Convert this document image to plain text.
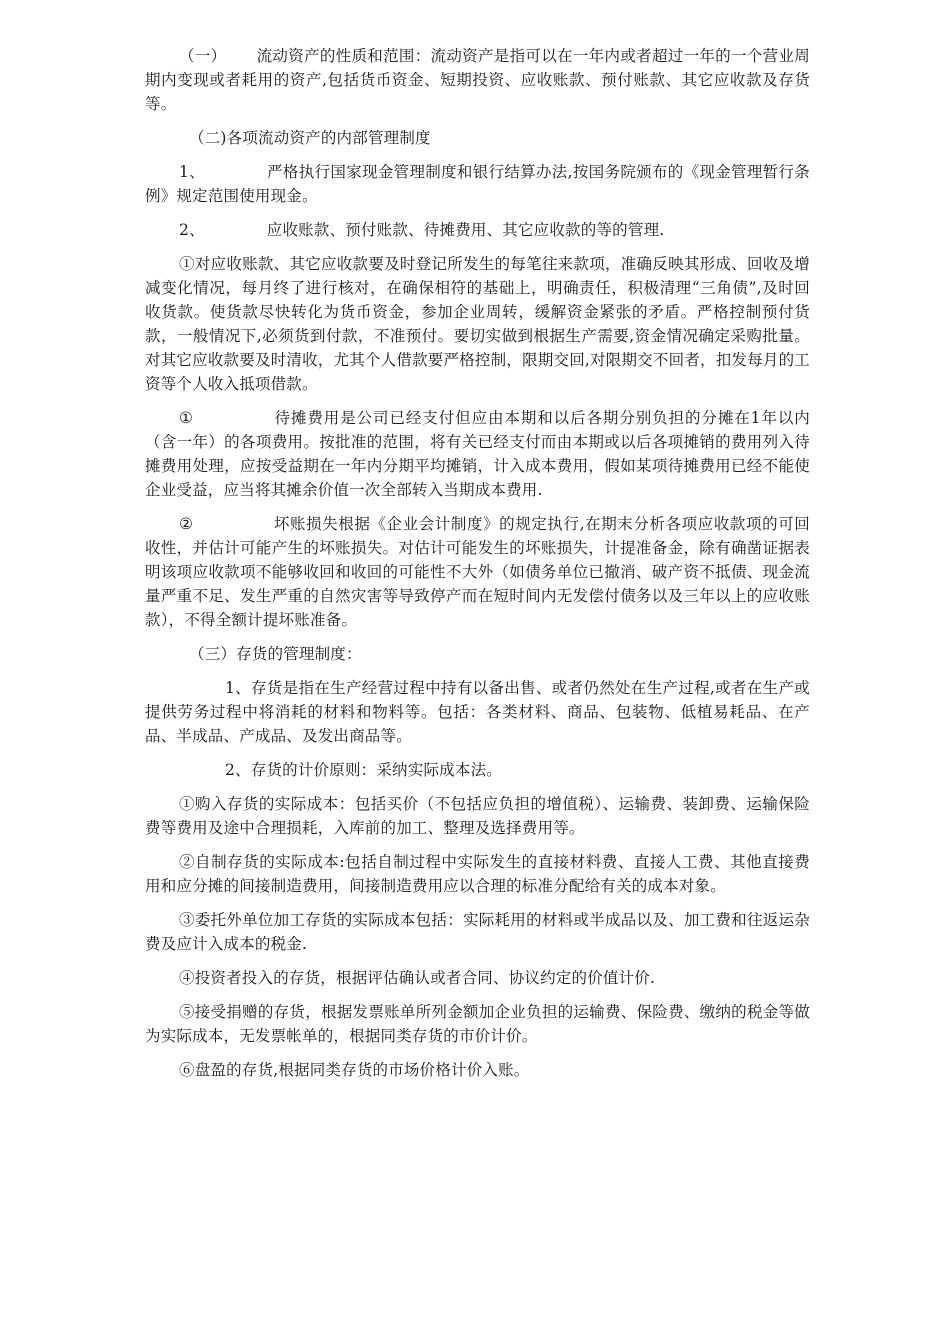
（一） 流动资产的性质和范围：流动资产是指可以在一年内或者超过一年的一个营业周期内变现或者耗用的资产,包括货币资金、短期投资、应收账款、预付账款、其它应收款及存货等。

（二)各项流动资产的内部管理制度

1、	严格执行国家现金管理制度和银行结算办法,按国务院颁布的《现金管理暂行条例》规定范围使用现金。

2、	应收账款、预付账款、待摊费用、其它应收款的等的管理.

①对应收账款、其它应收款要及时登记所发生的每笔往来款项，准确反映其形成、回收及增减变化情况，每月终了进行核对，在确保相符的基础上，明确责任，积极清理“三角债”,及时回收货款。使货款尽快转化为货币资金，参加企业周转，缓解资金紧张的矛盾。严格控制预付货款，一般情况下,必须货到付款，不准预付。要切实做到根据生产需要,资金情况确定采购批量。对其它应收款要及时清收，尤其个人借款要严格控制，限期交回,对限期交不回者，扣发每月的工资等个人收入抵项借款。

①	待摊费用是公司已经支付但应由本期和以后各期分别负担的分摊在1年以内（含一年）的各项费用。按批准的范围，将有关已经支付而由本期或以后各项摊销的费用列入待摊费用处理，应按受益期在一年内分期平均摊销，计入成本费用，假如某项待摊费用已经不能使企业受益，应当将其摊余价值一次全部转入当期成本费用.

②	坏账损失根据《企业会计制度》的规定执行,在期末分析各项应收款项的可回收性，并估计可能产生的坏账损失。对估计可能发生的坏账损失，计提准备金，除有确凿证据表明该项应收款项不能够收回和收回的可能性不大外（如债务单位已撤消、破产资不抵债、现金流量严重不足、发生严重的自然灾害等导致停产而在短时间内无发偿付债务以及三年以上的应收账款），不得全额计提坏账准备。

（三）存货的管理制度：

1、存货是指在生产经营过程中持有以备出售、或者仍然处在生产过程,或者在生产或提供劳务过程中将消耗的材料和物料等。包括：各类材料、商品、包装物、低植易耗品、在产品、半成品、产成品、及发出商品等。

2、存货的计价原则：采纳实际成本法。

①购入存货的实际成本：包括买价（不包括应负担的增值税）、运输费、装卸费、运输保险费等费用及途中合理损耗，入库前的加工、整理及选择费用等。

②自制存货的实际成本:包括自制过程中实际发生的直接材料费、直接人工费、其他直接费用和应分摊的间接制造费用，间接制造费用应以合理的标准分配给有关的成本对象。

③委托外单位加工存货的实际成本包括：实际耗用的材料或半成品以及、加工费和往返运杂费及应计入成本的税金.

④投资者投入的存货，根据评估确认或者合同、协议约定的价值计价.

⑤接受捐赠的存货，根据发票账单所列金额加企业负担的运输费、保险费、缴纳的税金等做为实际成本，无发票帐单的，根据同类存货的市价计价。

⑥盘盈的存货,根据同类存货的市场价格计价入账。
